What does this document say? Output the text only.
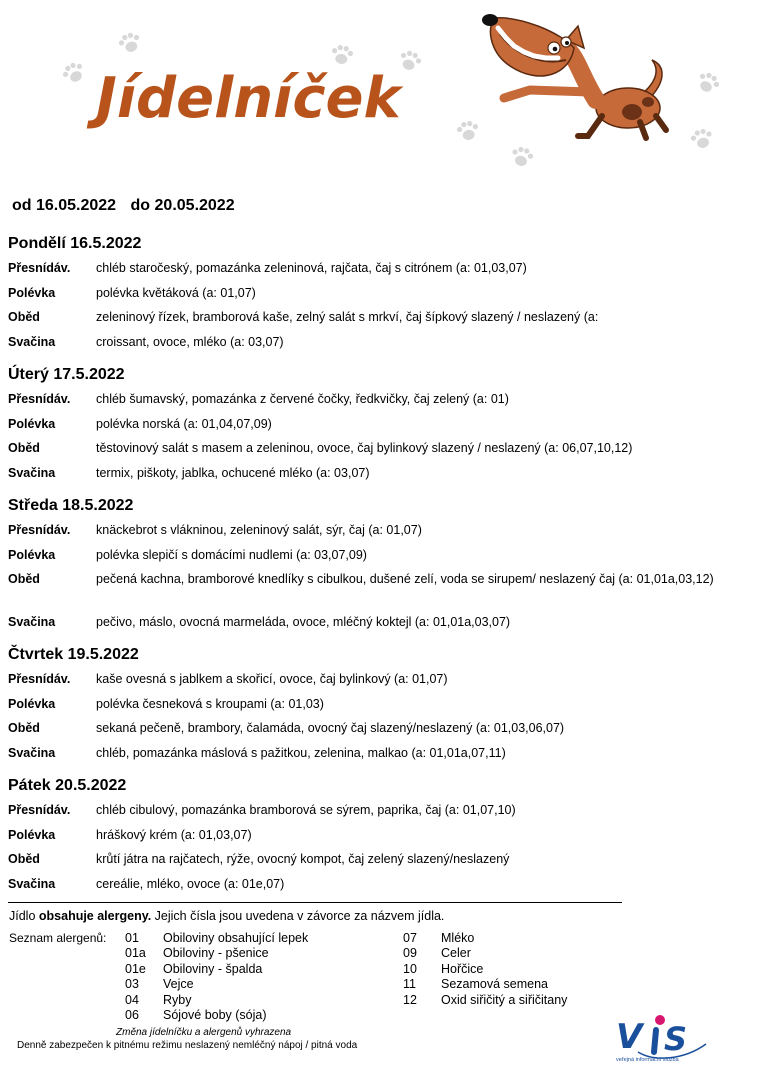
Jídelníček
od 16.05.2022 do 20.05.2022
Pondělí 16.5.2022
Přesnídáv.	chléb staročeský, pomazánka zeleninová, rajčata, čaj s citrónem (a: 01,03,07)
Polévka	polévka květáková (a: 01,07)
Oběd	zeleninový řízek, bramborová kaše, zelný salát s mrkví, čaj šípkový slazený / neslazený (a:
Svačina	croissant, ovoce, mléko (a: 03,07)
Úterý 17.5.2022
Přesnídáv.	chléb šumavský, pomazánka z červené čočky, ředkvičky, čaj zelený (a: 01)
Polévka	polévka norská (a: 01,04,07,09)
Oběd	těstovinový salát s masem a zeleninou, ovoce, čaj bylinkový slazený / neslazený (a: 06,07,10,12)
Svačina	termix, piškoty, jablka, ochucené mléko (a: 03,07)
Středa 18.5.2022
Přesnídáv.	knäckebrot s vlákninou, zeleninový salát, sýr, čaj (a: 01,07)
Polévka	polévka slepičí s domácími nudlemi (a: 03,07,09)
Oběd	pečená kachna, bramborové knedlíky s cibulkou, dušené zelí, voda se sirupem/ neslazený čaj (a: 01,01a,03,12)
Svačina	pečivo, máslo, ovocná marmeláda, ovoce, mléčný koktejl (a: 01,01a,03,07)
Čtvrtek 19.5.2022
Přesnídáv.	kaše ovesná s jablkem a skořicí, ovoce, čaj bylinkový (a: 01,07)
Polévka	polévka česneková s kroupami (a: 01,03)
Oběd	sekaná pečeně, brambory, čalamáda, ovocný čaj slazený/neslazený (a: 01,03,06,07)
Svačina	chléb, pomazánka máslová s pažitkou, zelenina, malkao (a: 01,01a,07,11)
Pátek 20.5.2022
Přesnídáv.	chléb cibulový, pomazánka bramborová se sýrem, paprika, čaj (a: 01,07,10)
Polévka	hráškový krém (a: 01,03,07)
Oběd	krůtí játra na rajčatech, rýže, ovocný kompot, čaj zelený slazený/neslazený
Svačina	cereálie, mléko, ovoce (a: 01e,07)
Jídlo obsahuje alergeny. Jejich čísla jsou uvedena v závorce za názvem jídla.
Seznam alergenů: 01	Obiloviny obsahující lepek
01a	Obiloviny - pšenice
01e	Obiloviny - špalda
03	Vejce
04	Ryby
06	Sójové boby (sója)
07	Mléko
09	Celer
10	Hořčice
11	Sezamová semena
12	Oxid siřičitý a siřičitany
Změna jídelníčku a alergenů vyhrazena
Denně zabezpečen k pitnému režimu neslazený nemléčný nápoj / pitná voda	V S
veřejná informační služba
